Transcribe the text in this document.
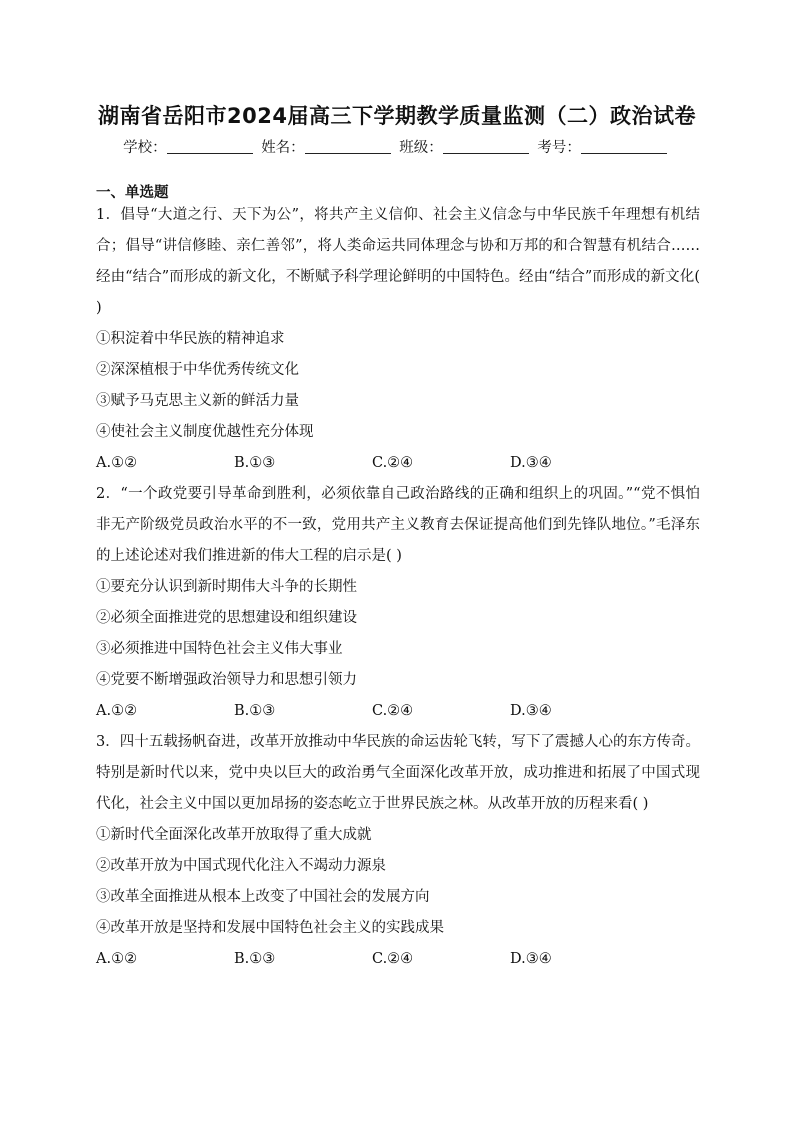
湖南省岳阳市2024届高三下学期教学质量监测（二）政治试卷
学校：	姓名：	班级：	考号：
一、单选题
1．倡导“大道之行、天下为公”，将共产主义信仰、社会主义信念与中华民族千年理想有机结合；倡导“讲信修睦、亲仁善邻”，将人类命运共同体理念与协和万邦的和合智慧有机结合……经由“结合”而形成的新文化，不断赋予科学理论鲜明的中国特色。经由“结合”而形成的新文化( )
①积淀着中华民族的精神追求
②深深植根于中华优秀传统文化
③赋予马克思主义新的鲜活力量
④使社会主义制度优越性充分体现
A.①②	B.①③	C.②④	D.③④
2．“一个政党要引导革命到胜利，必须依靠自己政治路线的正确和组织上的巩固。”“党不惧怕非无产阶级党员政治水平的不一致，党用共产主义教育去保证提高他们到先锋队地位。”毛泽东的上述论述对我们推进新的伟大工程的启示是( )
①要充分认识到新时期伟大斗争的长期性
②必须全面推进党的思想建设和组织建设
③必须推进中国特色社会主义伟大事业
④党要不断增强政治领导力和思想引领力
A.①②	B.①③	C.②④	D.③④
3．四十五载扬帆奋进，改革开放推动中华民族的命运齿轮飞转，写下了震撼人心的东方传奇。特别是新时代以来，党中央以巨大的政治勇气全面深化改革开放，成功推进和拓展了中国式现代化，社会主义中国以更加昂扬的姿态屹立于世界民族之林。从改革开放的历程来看( )
①新时代全面深化改革开放取得了重大成就
②改革开放为中国式现代化注入不竭动力源泉
③改革全面推进从根本上改变了中国社会的发展方向
④改革开放是坚持和发展中国特色社会主义的实践成果
A.①②	B.①③	C.②④	D.③④
